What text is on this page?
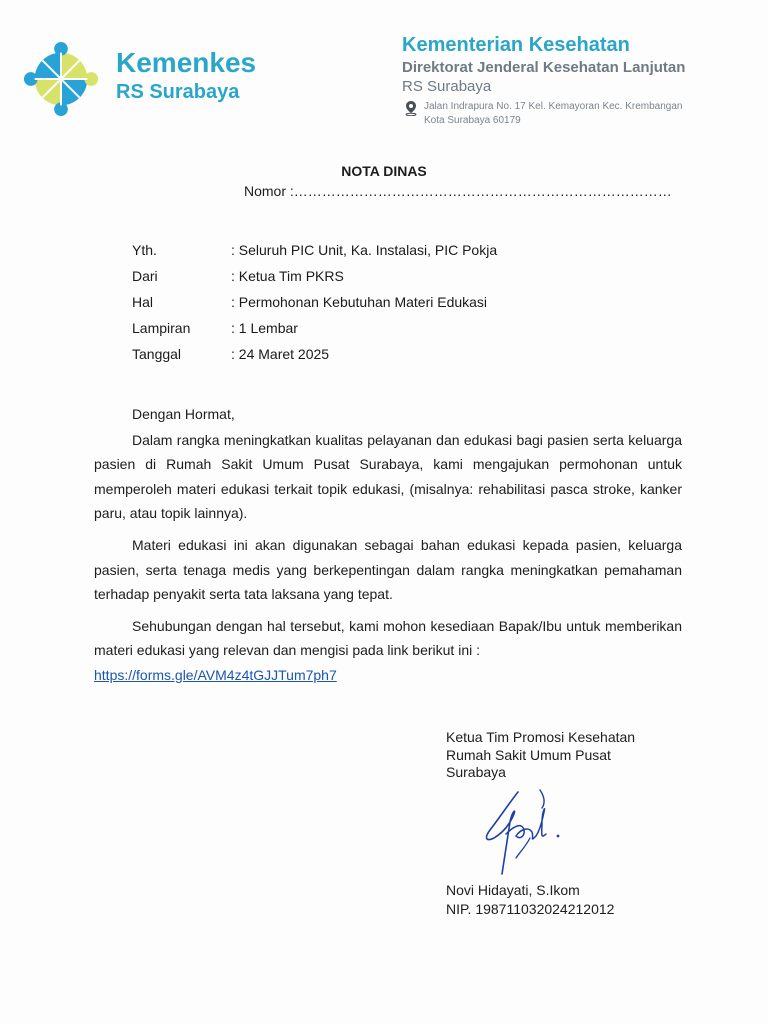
Kemenkes
RS Surabaya
Kementerian Kesehatan
Direktorat Jenderal Kesehatan Lanjutan
RS Surabaya
Jalan Indrapura No. 17 Kel. Kemayoran Kec. Krembangan
Kota Surabaya 60179
NOTA DINAS
Nomor :………………………………………………………………………
Yth.	: Seluruh PIC Unit, Ka. Instalasi, PIC Pokja
Dari	: Ketua Tim PKRS
Hal	: Permohonan Kebutuhan Materi Edukasi
Lampiran	: 1 Lembar
Tanggal	: 24 Maret 2025

Dengan Hormat,

Dalam rangka meningkatkan kualitas pelayanan dan edukasi bagi pasien serta keluarga pasien di Rumah Sakit Umum Pusat Surabaya, kami mengajukan permohonan untuk memperoleh materi edukasi terkait topik edukasi, (misalnya: rehabilitasi pasca stroke, kanker paru, atau topik lainnya).

Materi edukasi ini akan digunakan sebagai bahan edukasi kepada pasien, keluarga pasien, serta tenaga medis yang berkepentingan dalam rangka meningkatkan pemahaman terhadap penyakit serta tata laksana yang tepat.

Sehubungan dengan hal tersebut, kami mohon kesediaan Bapak/Ibu untuk memberikan materi edukasi yang relevan dan mengisi pada link berikut ini :

https://forms.gle/AVM4z4tGJJTum7ph7
Ketua Tim Promosi Kesehatan
Rumah Sakit Umum Pusat
Surabaya
Novi Hidayati, S.Ikom
NIP. 198711032024212012
